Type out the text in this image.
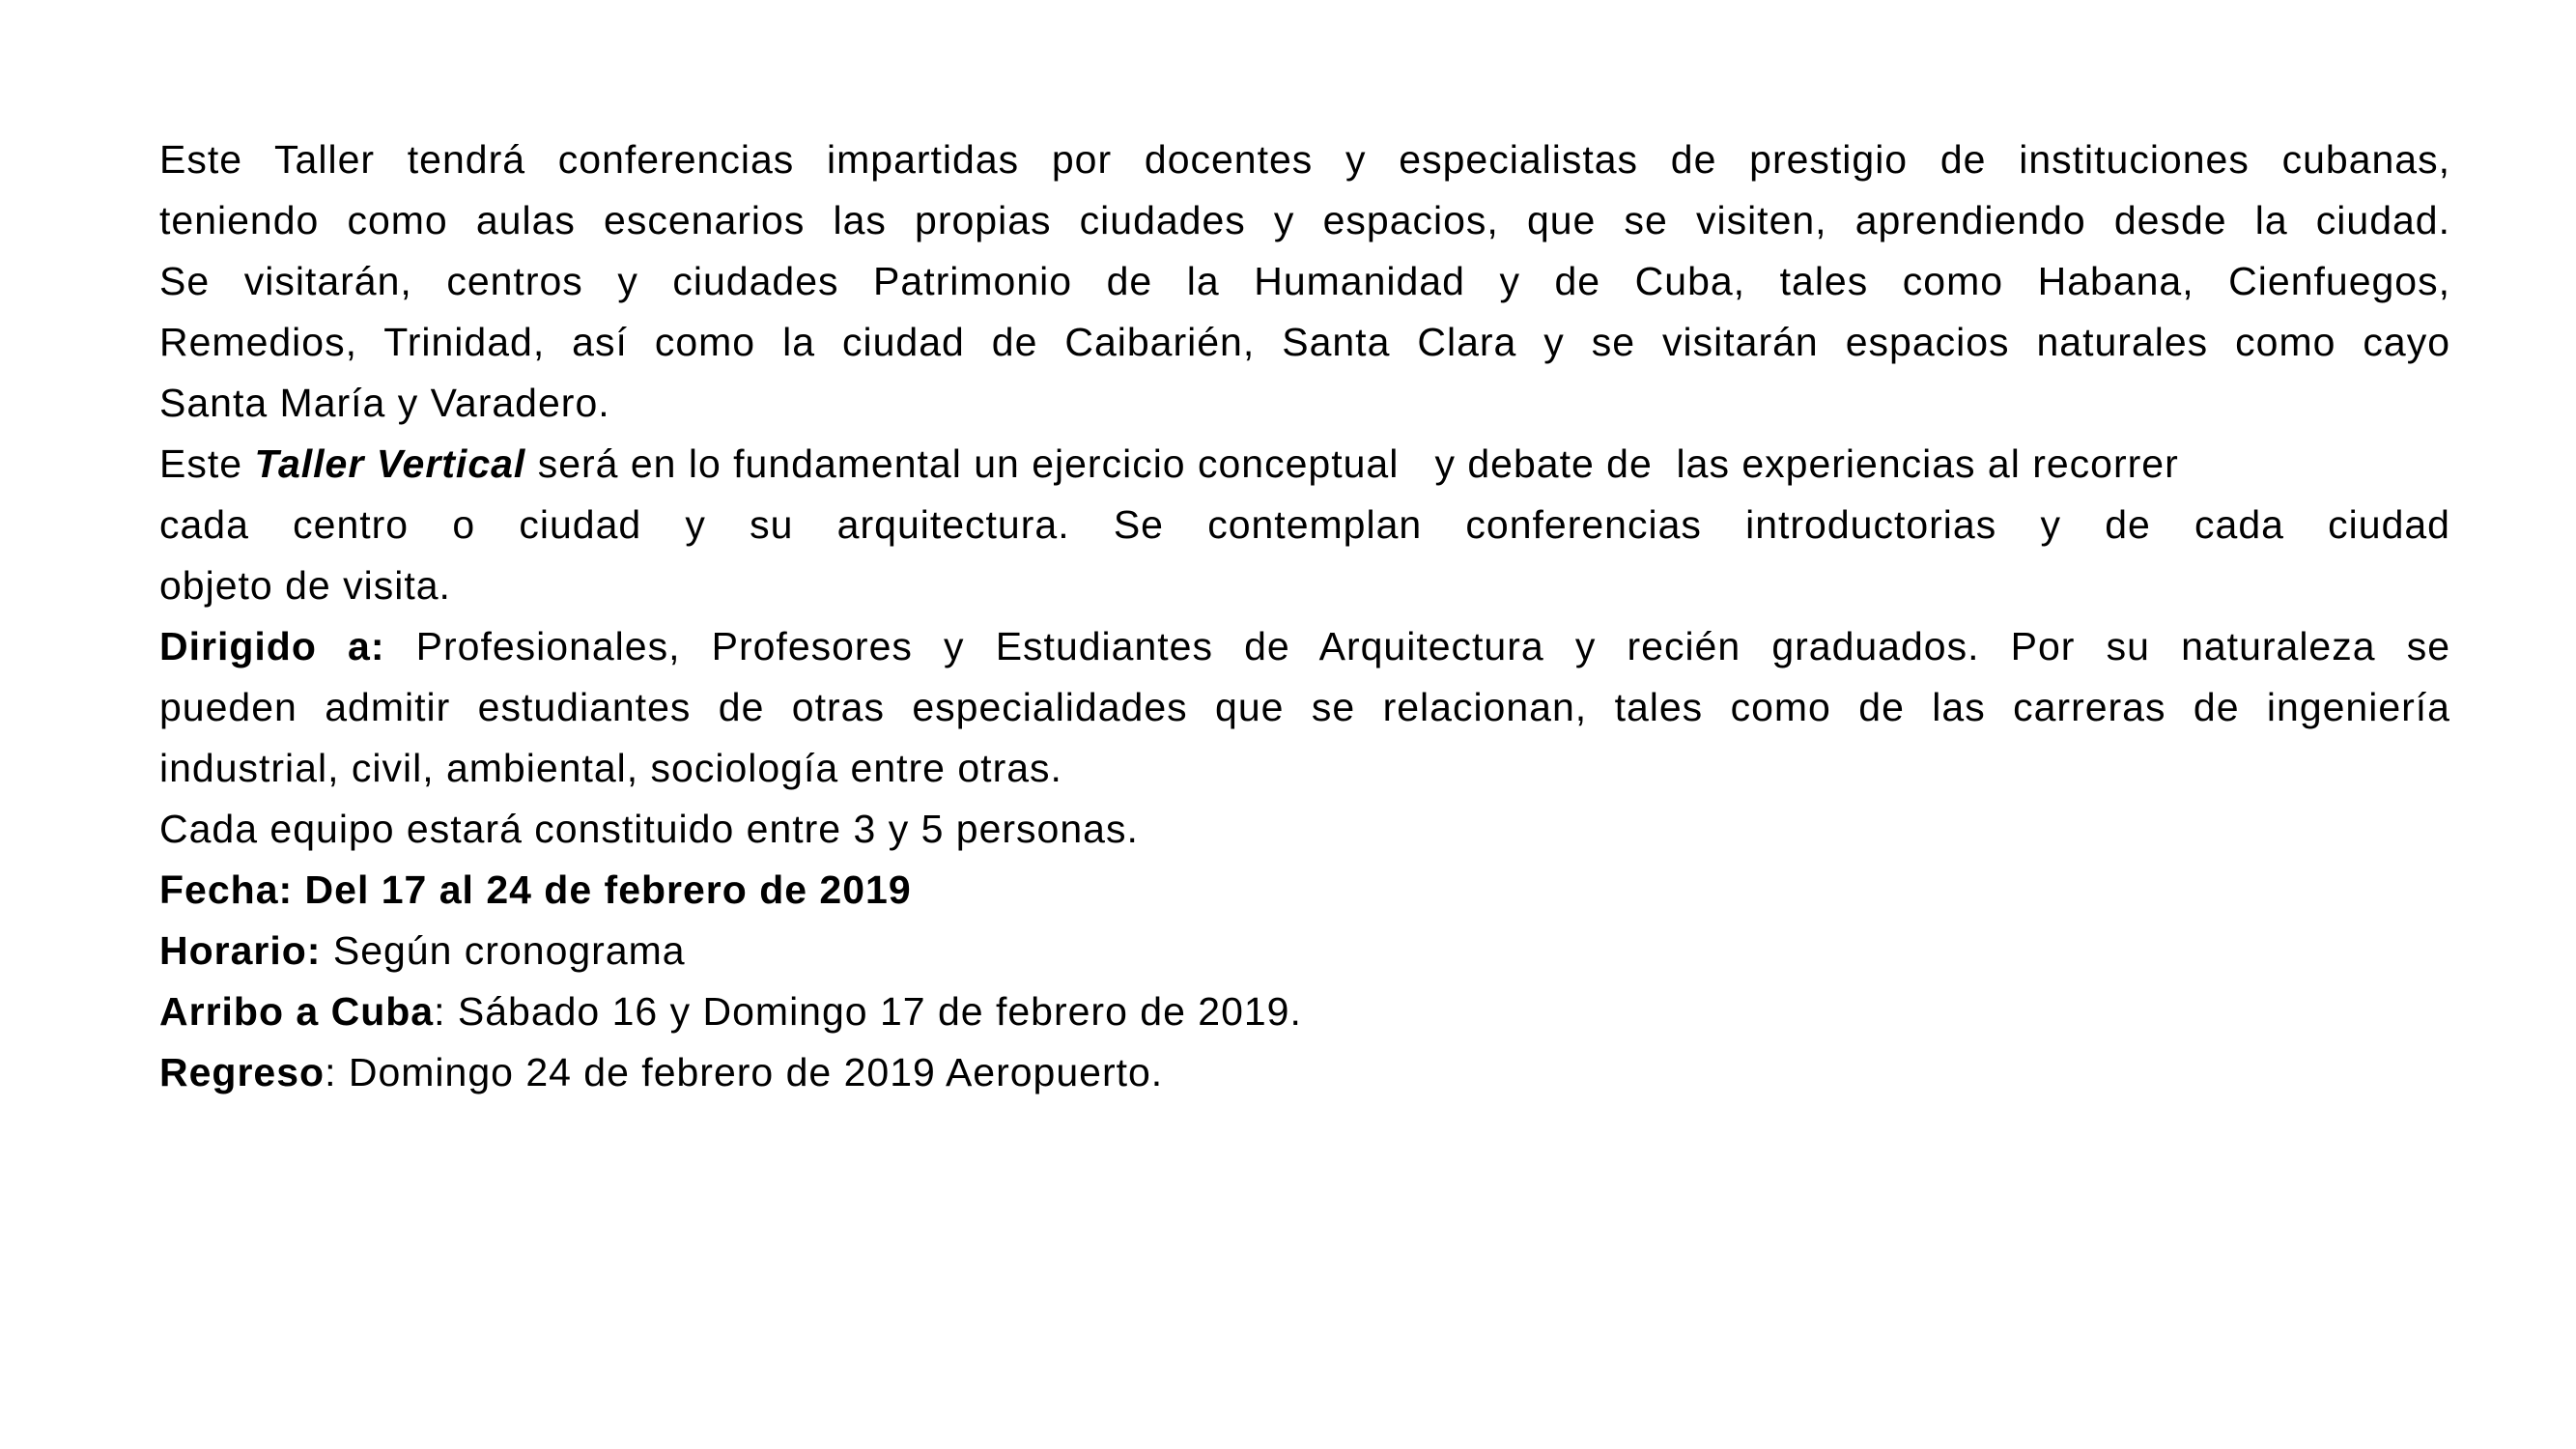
Este Taller tendrá conferencias impartidas por docentes y especialistas de prestigio de instituciones cubanas,
teniendo como aulas escenarios las propias ciudades y espacios, que se visiten, aprendiendo desde la ciudad.
Se visitarán, centros y ciudades Patrimonio de la Humanidad y de Cuba, tales como Habana, Cienfuegos,
Remedios, Trinidad, así como la ciudad de Caibarién, Santa Clara y se visitarán espacios naturales como cayo
Santa María y Varadero.
Este Taller Vertical será en lo fundamental un ejercicio conceptual   y debate de  las experiencias al recorrer
cada centro o ciudad y su arquitectura. Se contemplan conferencias introductorias y de cada ciudad
objeto de visita.
Dirigido a: Profesionales, Profesores y Estudiantes de Arquitectura y recién graduados. Por su naturaleza se
pueden admitir estudiantes de otras especialidades que se relacionan, tales como de las carreras de ingeniería
industrial, civil, ambiental, sociología entre otras.
Cada equipo estará constituido entre 3 y 5 personas.
Fecha: Del 17 al 24 de febrero de 2019
Horario: Según cronograma
Arribo a Cuba: Sábado 16 y Domingo 17 de febrero de 2019.
Regreso: Domingo 24 de febrero de 2019 Aeropuerto.
